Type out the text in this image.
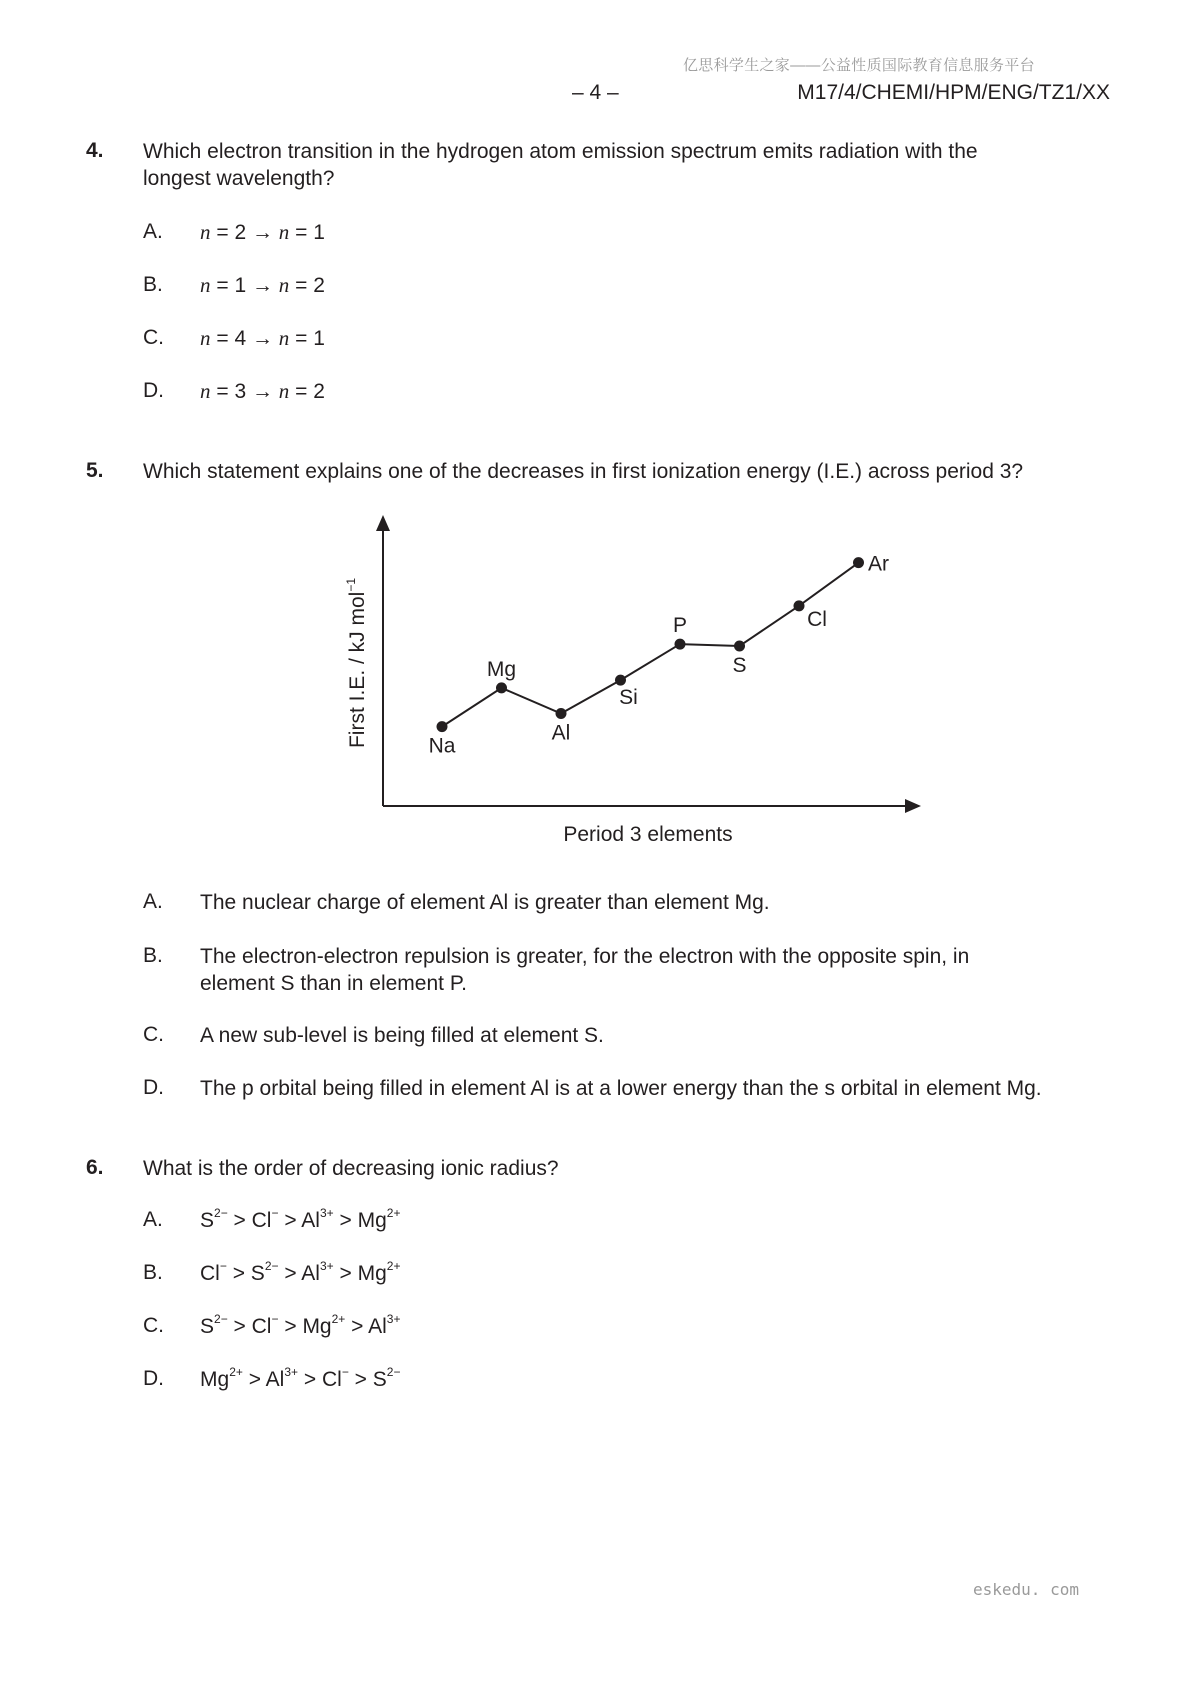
亿思科学生之家——公益性质国际教育信息服务平台
– 4 –	M17/4/CHEMI/HPM/ENG/TZ1/XX
4. Which electron transition in the hydrogen atom emission spectrum emits radiation with the
longest wavelength?
A. n = 2 → n = 1
B. n = 1 → n = 2
C. n = 4 → n = 1
D. n = 3 → n = 2
5. Which statement explains one of the decreases in first ionization energy (I.E.) across period 3?
Period 3 elements
First I.E. / kJ mol$^{-1}$
Na
Mg
Al
Si
P
S
Cl
Ar
A. The nuclear charge of element Al is greater than element Mg.
B. The electron-electron repulsion is greater, for the electron with the opposite spin, in
element S than in element P.
C. A new sub-level is being filled at element S.
D. The p orbital being filled in element Al is at a lower energy than the s orbital in element Mg.
6. What is the order of decreasing ionic radius?
A. $S^{2-} > Cl^- > Al^{3+} > Mg^{2+}$
B. $Cl^- > S^{2-} > Al^{3+} > Mg^{2+}$
C. $S^{2-} > Cl^- > Mg^{2+} > Al^{3+}$
D. $Mg^{2+} > Al^{3+} > Cl^- > S^{2-}$
eskedu. com
